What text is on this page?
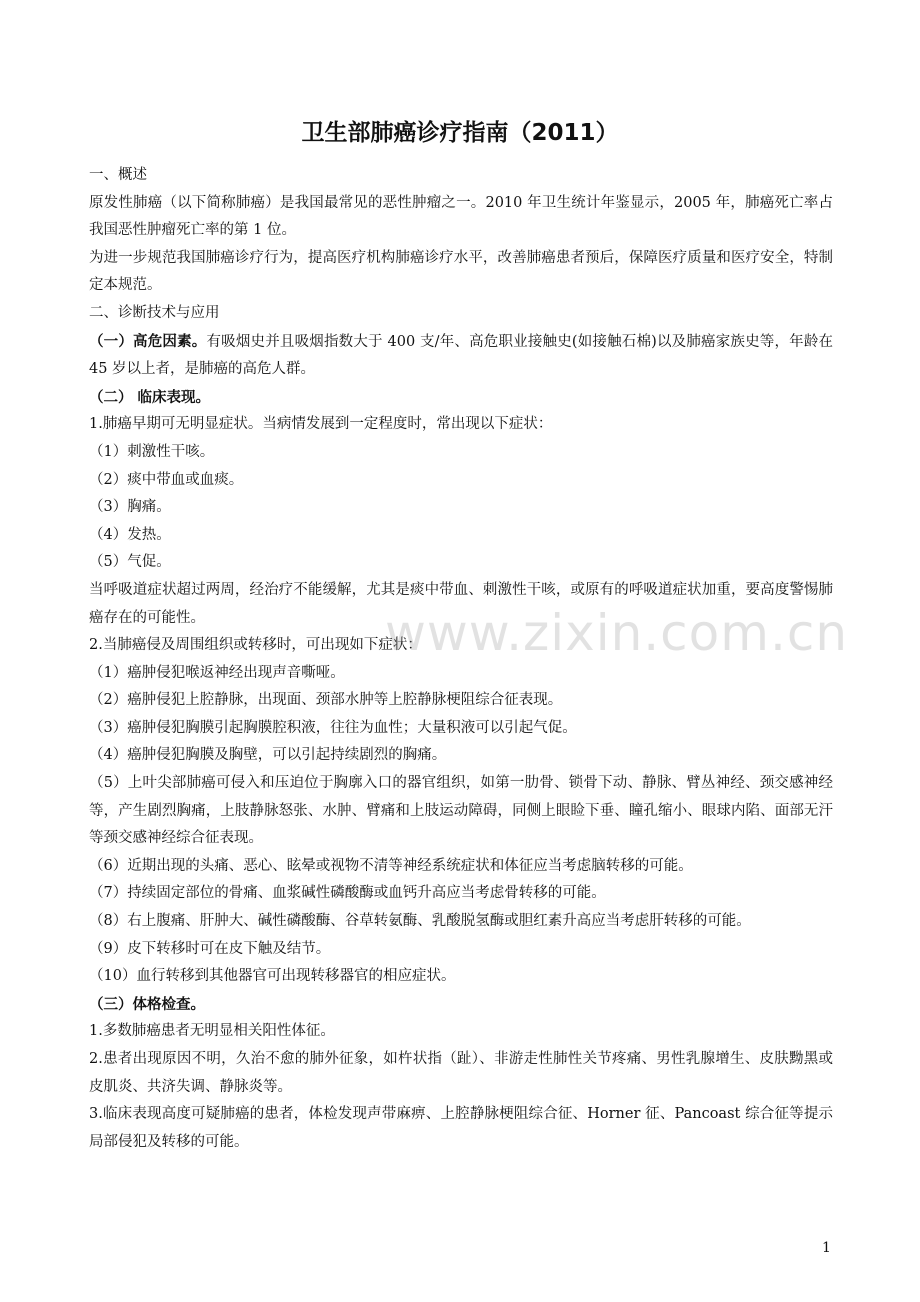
卫生部肺癌诊疗指南（2011）

一、概述

原发性肺癌（以下简称肺癌）是我国最常见的恶性肿瘤之一。2010 年卫生统计年鉴显示，2005 年，肺癌死亡率占我国恶性肿瘤死亡率的第 1 位。

为进一步规范我国肺癌诊疗行为，提高医疗机构肺癌诊疗水平，改善肺癌患者预后，保障医疗质量和医疗安全，特制定本规范。

二、诊断技术与应用

（一）高危因素。有吸烟史并且吸烟指数大于 400 支/年、高危职业接触史(如接触石棉)以及肺癌家族史等，年龄在 45 岁以上者，是肺癌的高危人群。

（二） 临床表现。

1.肺癌早期可无明显症状。当病情发展到一定程度时，常出现以下症状：

（1）刺激性干咳。

（2）痰中带血或血痰。

（3）胸痛。

（4）发热。

（5）气促。

当呼吸道症状超过两周，经治疗不能缓解，尤其是痰中带血、刺激性干咳，或原有的呼吸道症状加重，要高度警惕肺癌存在的可能性。

2.当肺癌侵及周围组织或转移时，可出现如下症状：

（1）癌肿侵犯喉返神经出现声音嘶哑。

（2）癌肿侵犯上腔静脉，出现面、颈部水肿等上腔静脉梗阻综合征表现。

（3）癌肿侵犯胸膜引起胸膜腔积液，往往为血性；大量积液可以引起气促。

（4）癌肿侵犯胸膜及胸壁，可以引起持续剧烈的胸痛。

（5）上叶尖部肺癌可侵入和压迫位于胸廓入口的器官组织，如第一肋骨、锁骨下动、静脉、臂丛神经、颈交感神经等，产生剧烈胸痛，上肢静脉怒张、水肿、臂痛和上肢运动障碍，同侧上眼睑下垂、瞳孔缩小、眼球内陷、面部无汗等颈交感神经综合征表现。

（6）近期出现的头痛、恶心、眩晕或视物不清等神经系统症状和体征应当考虑脑转移的可能。

（7）持续固定部位的骨痛、血浆碱性磷酸酶或血钙升高应当考虑骨转移的可能。

（8）右上腹痛、肝肿大、碱性磷酸酶、谷草转氨酶、乳酸脱氢酶或胆红素升高应当考虑肝转移的可能。

（9）皮下转移时可在皮下触及结节。

（10）血行转移到其他器官可出现转移器官的相应症状。

（三）体格检查。

1.多数肺癌患者无明显相关阳性体征。

2.患者出现原因不明，久治不愈的肺外征象，如杵状指（趾）、非游走性肺性关节疼痛、男性乳腺增生、皮肤黝黑或皮肌炎、共济失调、静脉炎等。

3.临床表现高度可疑肺癌的患者，体检发现声带麻痹、上腔静脉梗阻综合征、Horner 征、Pancoast 综合征等提示局部侵犯及转移的可能。

www.zixin.com.cn
1
